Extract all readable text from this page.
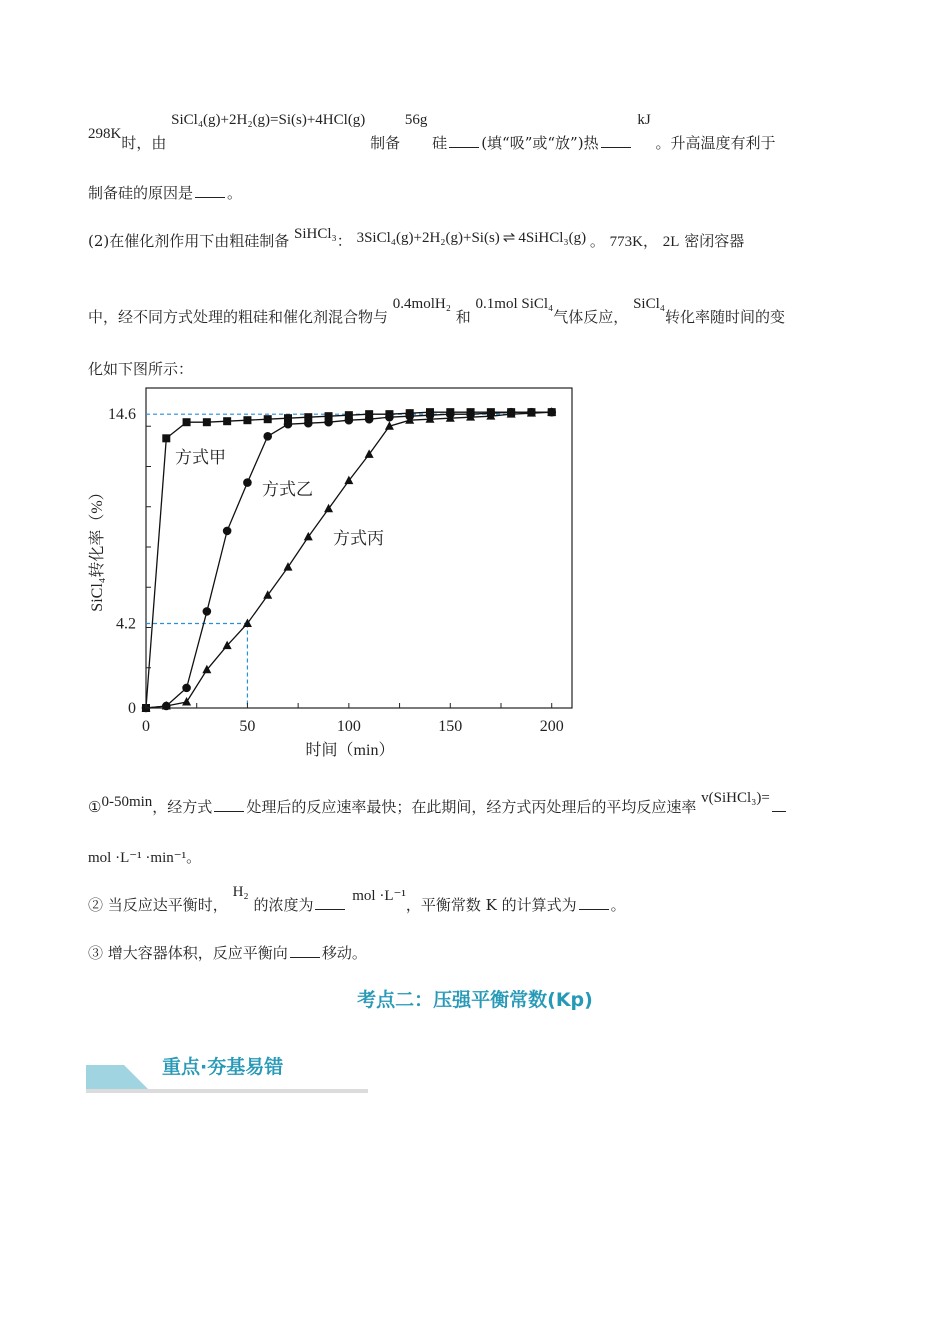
298K时，由 SiCl₄(g)+2H₂(g)=Si(s)+4HCl(g) 制备 56g 硅 (填“吸”或“放”)热 kJ 。升高温度有利于
制备硅的原因是 。
(2)在催化剂作用下由粗硅制备 SiHCl₃： 3SiCl₄(g)+2H₂(g)+Si(s) ⇌ 4SiHCl₃(g) 。 773K， 2L 密闭容器
中，经不同方式处理的粗硅和催化剂混合物与 0.4molH₂ 和 0.1mol SiCl₄气体反应， SiCl₄转化率随时间的变
化如下图所示：
0	50	100	150	200
0
4.2
14.6
时间（min）
SiCl₄转化率（%）
方式甲
方式乙
方式丙
①0-50min，经方式 处理后的反应速率最快；在此期间，经方式丙处理后的平均反应速率 v(SiHCl₃)=
mol ·L⁻¹ ·min⁻¹。
② 当反应达平衡时， H₂ 的浓度为	mol ·L⁻¹，平衡常数 K 的计算式为 。
③ 增大容器体积，反应平衡向 移动。
考点二：压强平衡常数(Kp)
重点·夯基易错
